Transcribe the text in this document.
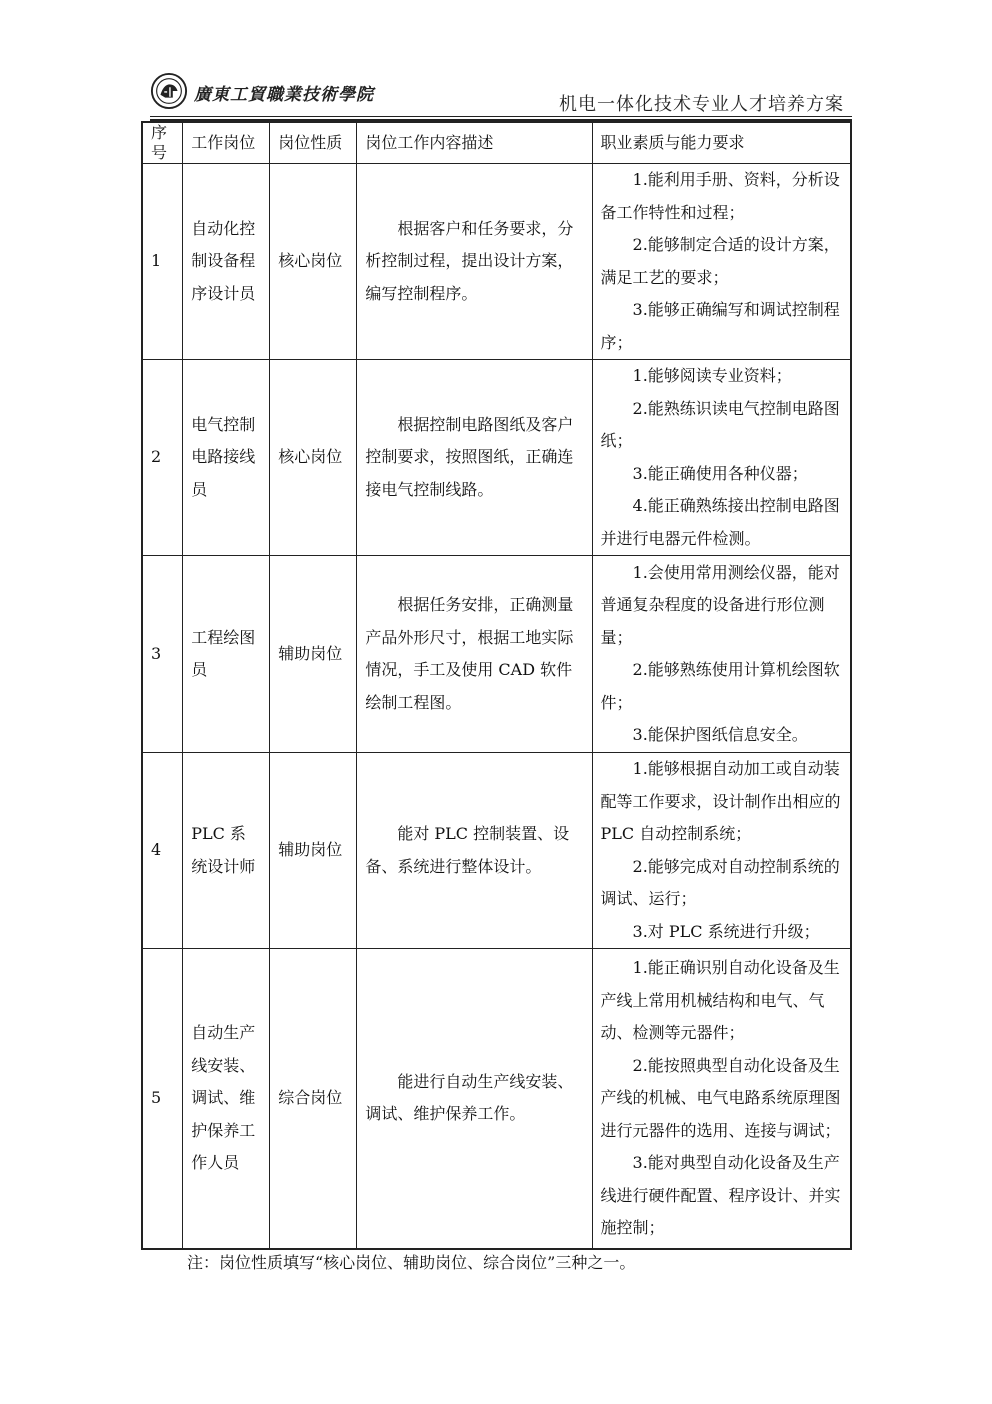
廣東工貿職業技術學院	机电一体化技术专业人才培养方案
序号	工作岗位	岗位性质	岗位工作内容描述	职业素质与能力要求
1	自动化控制设备程序设计员	核心岗位	根据客户和任务要求，分析控制过程，提出设计方案，编写控制程序。	1.能利用手册、资料，分析设备工作特性和过程；
2.能够制定合适的设计方案，满足工艺的要求；
3.能够正确编写和调试控制程序；

2	电气控制电路接线员	核心岗位	根据控制电路图纸及客户控制要求，按照图纸，正确连接电气控制线路。	1.能够阅读专业资料；
2.能熟练识读电气控制电路图纸；
3.能正确使用各种仪器；
4.能正确熟练接出控制电路图并进行电器元件检测。

3	工程绘图员	辅助岗位	根据任务安排，正确测量产品外形尺寸，根据工地实际情况，手工及使用 CAD 软件绘制工程图。	1.会使用常用测绘仪器，能对普通复杂程度的设备进行形位测量；
2.能够熟练使用计算机绘图软件；
3.能保护图纸信息安全。

4	PLC 系统设计师	辅助岗位	能对 PLC 控制装置、设备、系统进行整体设计。	1.能够根据自动加工或自动装配等工作要求，设计制作出相应的 PLC 自动控制系统；
2.能够完成对自动控制系统的调试、运行；
3.对 PLC 系统进行升级；

5	自动生产线安装、调试、维护保养工作人员	综合岗位	能进行自动生产线安装、调试、维护保养工作。	1.能正确识别自动化设备及生产线上常用机械结构和电气、气动、检测等元器件；
2.能按照典型自动化设备及生产线的机械、电气电路系统原理图进行元器件的选用、连接与调试；
3.能对典型自动化设备及生产线进行硬件配置、程序设计、并实施控制；
注：岗位性质填写“核心岗位、辅助岗位、综合岗位”三种之一。
